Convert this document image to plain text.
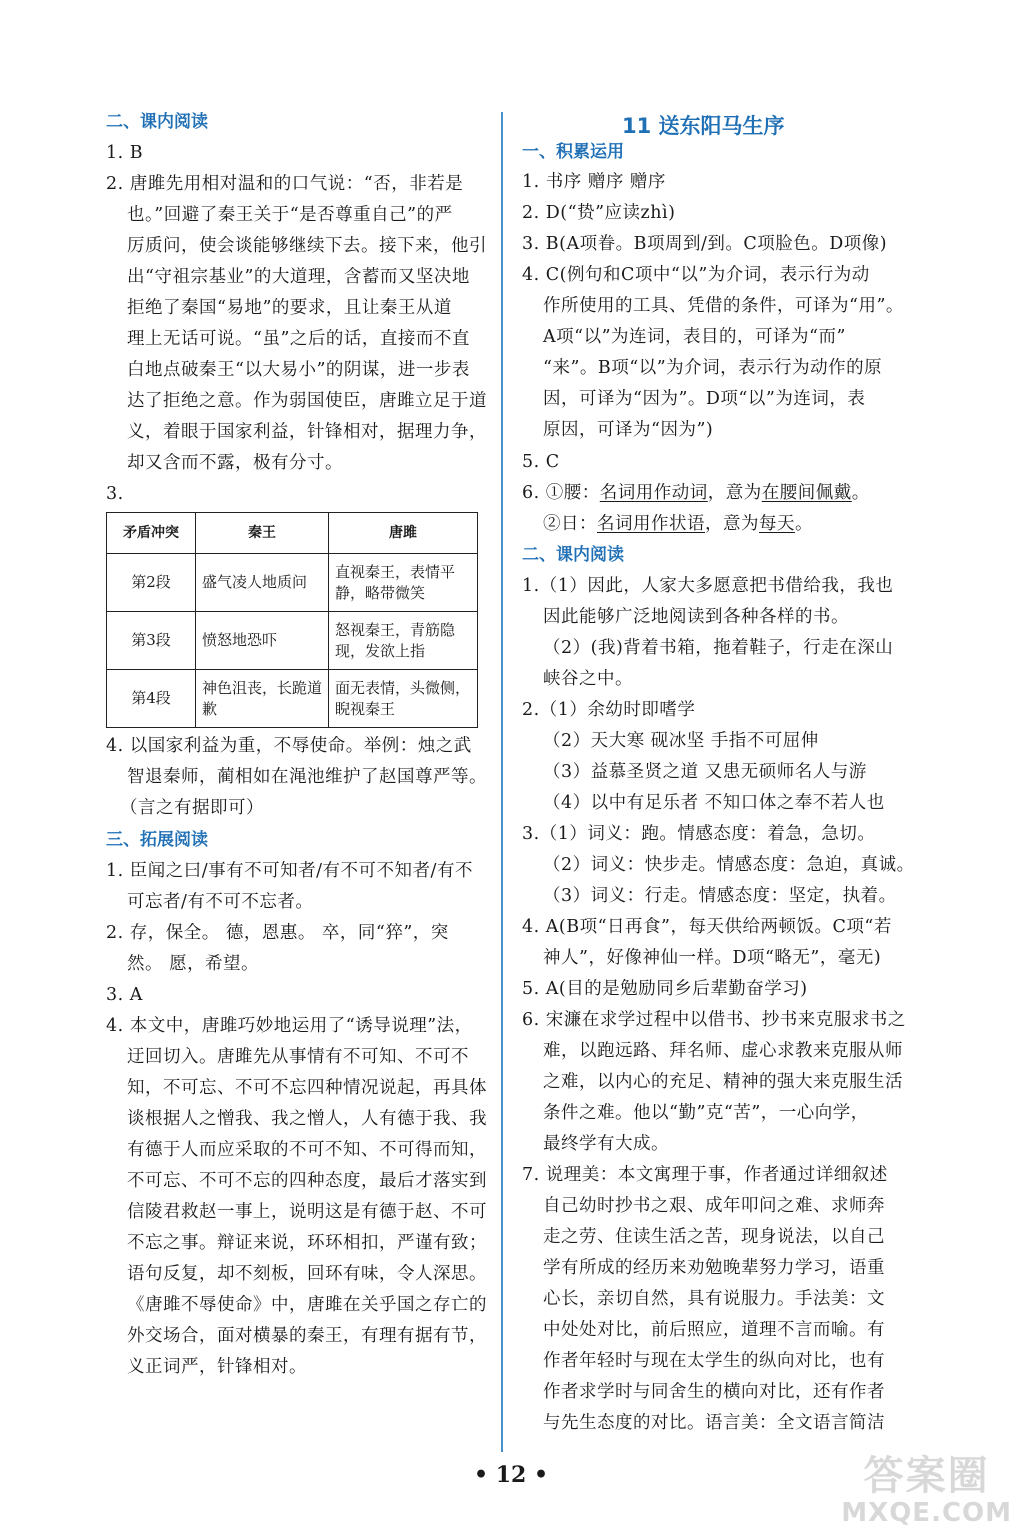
二、课内阅读
1. B
2. 唐雎先用相对温和的口气说：“否，非若是
也。”回避了秦王关于“是否尊重自己”的严
厉质问，使会谈能够继续下去。接下来，他引
出“守祖宗基业”的大道理，含蓄而又坚决地
拒绝了秦国“易地”的要求，且让秦王从道
理上无话可说。“虽”之后的话，直接而不直
白地点破秦王“以大易小”的阴谋，进一步表
达了拒绝之意。作为弱国使臣，唐雎立足于道
义，着眼于国家利益，针锋相对，据理力争，
却又含而不露，极有分寸。
3.
矛盾冲突	秦王	唐雎
第2段	盛气凌人地质问	直视秦王，表情平静，略带微笑
第3段	愤怒地恐吓	怒视秦王，青筋隐现，发欲上指
第4段	神色沮丧，长跪道歉	面无表情，头微侧，睨视秦王
4. 以国家利益为重，不辱使命。举例：烛之武
智退秦师，蔺相如在渑池维护了赵国尊严等。
（言之有据即可）
三、拓展阅读
1. 臣闻之曰/事有不可知者/有不可不知者/有不
可忘者/有不可不忘者。
2. 存，保全。 德，恩惠。 卒，同“猝”，突
然。 愿，希望。
3. A
4. 本文中，唐雎巧妙地运用了“诱导说理”法，
迂回切入。唐雎先从事情有不可知、不可不
知，不可忘、不可不忘四种情况说起，再具体
谈根据人之憎我、我之憎人，人有德于我、我
有德于人而应采取的不可不知、不可得而知，
不可忘、不可不忘的四种态度，最后才落实到
信陵君救赵一事上，说明这是有德于赵、不可
不忘之事。辩证来说，环环相扣，严谨有致；
语句反复，却不刻板，回环有味，令人深思。
《唐雎不辱使命》中，唐雎在关乎国之存亡的
外交场合，面对横暴的秦王，有理有据有节，
义正词严，针锋相对。
11 送东阳马生序
一、积累运用
1. 书序 赠序 赠序
2. D(“贽”应读zhì)
3. B(A项眷。B项周到/到。C项脸色。D项像)
4. C(例句和C项中“以”为介词，表示行为动
作所使用的工具、凭借的条件，可译为“用”。
A项“以”为连词，表目的，可译为“而”
“来”。B项“以”为介词，表示行为动作的原
因，可译为“因为”。D项“以”为连词，表
原因，可译为“因为”)
5. C
6. ①腰：名词用作动词，意为在腰间佩戴。
②日：名词用作状语，意为每天。
二、课内阅读
1.（1）因此，人家大多愿意把书借给我，我也
因此能够广泛地阅读到各种各样的书。
（2）(我)背着书箱，拖着鞋子，行走在深山
峡谷之中。
2.（1）余幼时即嗜学
（2）天大寒 砚冰坚 手指不可屈伸
（3）益慕圣贤之道 又患无硕师名人与游
（4）以中有足乐者 不知口体之奉不若人也
3.（1）词义：跑。情感态度：着急，急切。
（2）词义：快步走。情感态度：急迫，真诚。
（3）词义：行走。情感态度：坚定，执着。
4. A(B项“日再食”，每天供给两顿饭。C项“若
神人”，好像神仙一样。D项“略无”，毫无)
5. A(目的是勉励同乡后辈勤奋学习)
6. 宋濂在求学过程中以借书、抄书来克服求书之
难，以跑远路、拜名师、虚心求教来克服从师
之难，以内心的充足、精神的强大来克服生活
条件之难。他以“勤”克“苦”，一心向学，
最终学有大成。
7. 说理美：本文寓理于事，作者通过详细叙述
自己幼时抄书之艰、成年叩问之难、求师奔
走之劳、住读生活之苦，现身说法，以自己
学有所成的经历来劝勉晚辈努力学习，语重
心长，亲切自然，具有说服力。手法美：文
中处处对比，前后照应，道理不言而喻。有
作者年轻时与现在太学生的纵向对比，也有
作者求学时与同舍生的横向对比，还有作者
与先生态度的对比。语言美：全文语言简洁
• 12 •	答案圈
MXQE.COM
